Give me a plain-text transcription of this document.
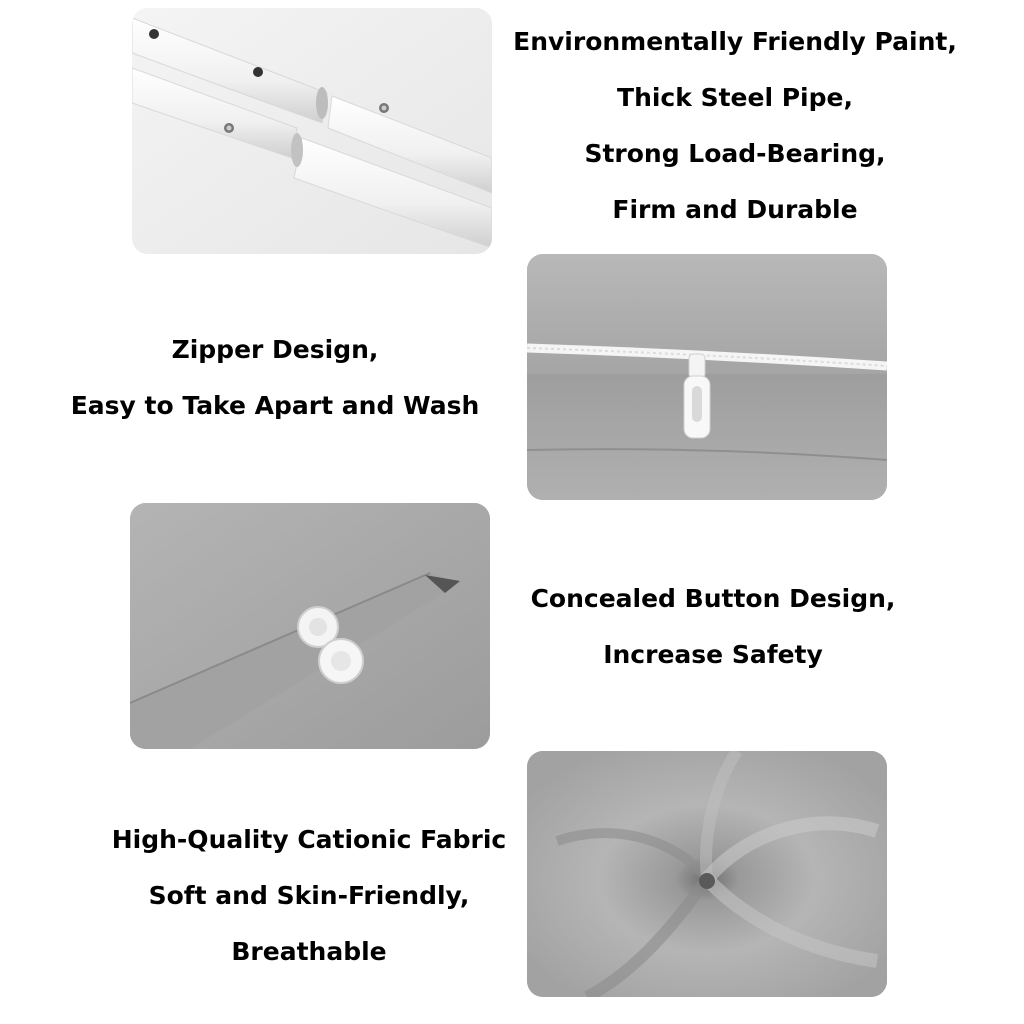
Environmentally Friendly Paint,
Thick Steel Pipe,
Strong Load-Bearing,
Firm and Durable
Zipper Design,
Easy to Take Apart and Wash
Concealed Button Design,
Increase Safety
High-Quality Cationic Fabric
Soft and Skin-Friendly,
Breathable
